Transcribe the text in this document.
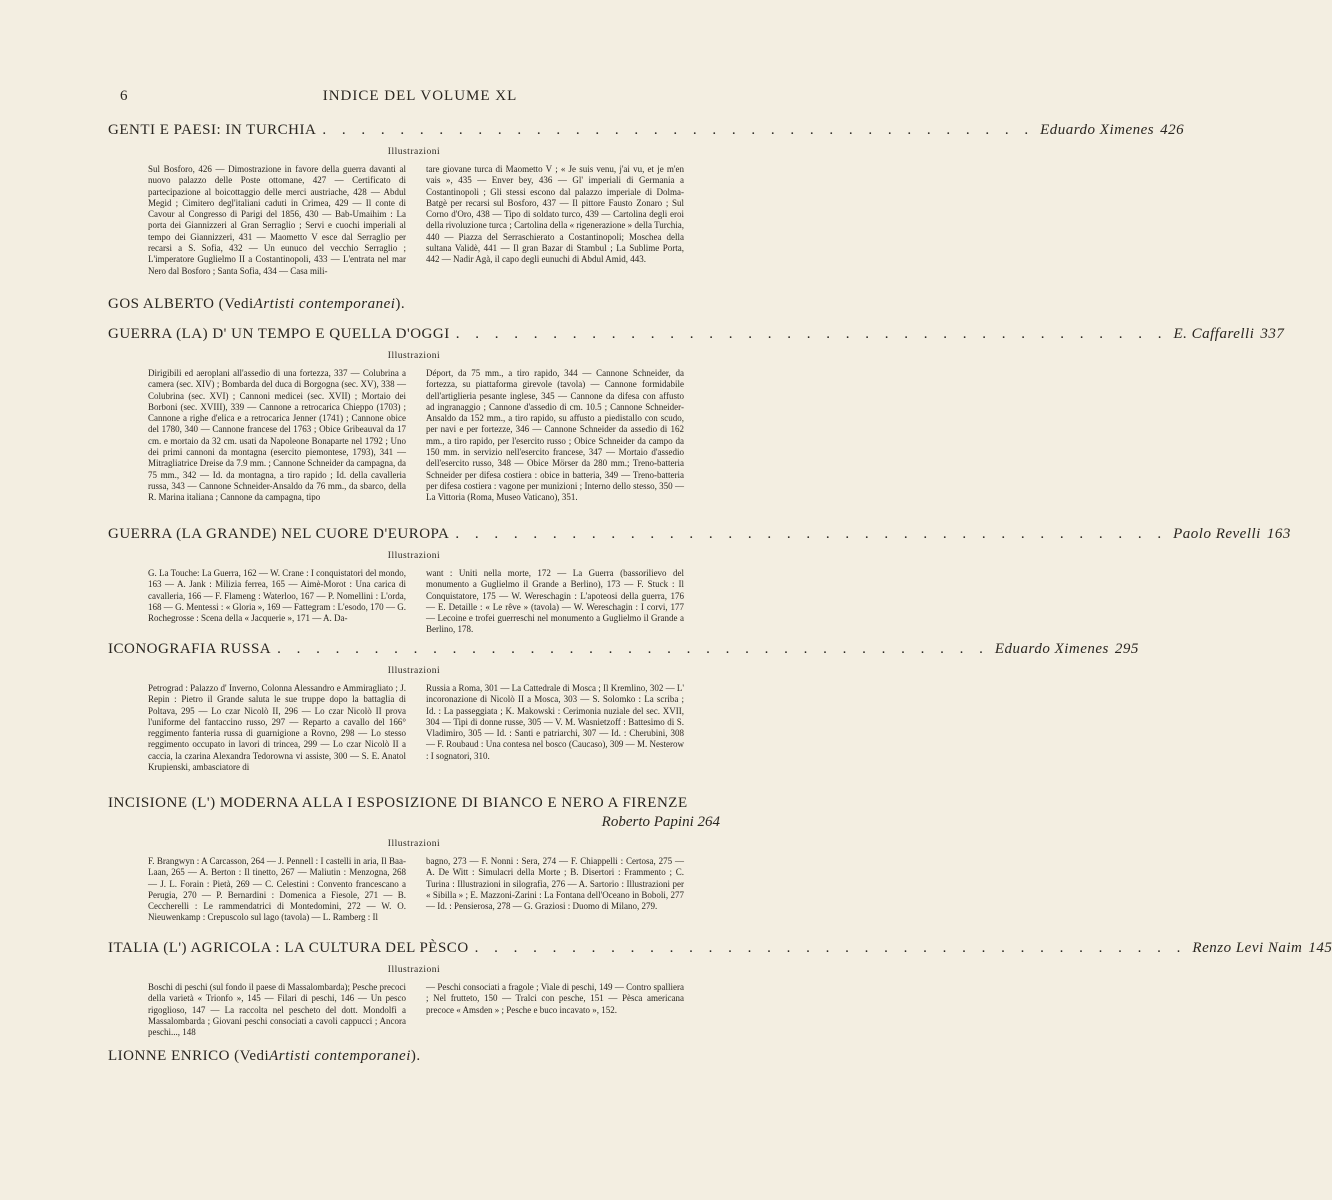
INDICE DEL VOLUME XL
6
GENTI E PAESI: IN TURCHIA . . . . . . . . . . . . . . . . . . . . . . . . . . . . . . . . . . . . . Eduardo Ximenes 426
Illustrazioni
Sul Bosforo, 426 — Dimostrazione in favore della guerra davanti al nuovo palazzo delle Poste ottomane, 427 — Certificato di partecipazione al boicottaggio delle merci austriache, 428 — Abdul Megid ; Cimitero degl'italiani caduti in Crimea, 429 — Il conte di Cavour al Congresso di Parigi del 1856, 430 — Bab-Umaihim : La porta dei Giannizzeri al Gran Serraglio ; Servi e cuochi imperiali al tempo dei Giannizzeri, 431 — Maometto V esce dal Serraglio per recarsi a S. Sofia, 432 — Un eunuco del vecchio Serraglio ; L'imperatore Guglielmo II a Costantinopoli, 433 — L'entrata nel mar Nero dal Bosforo ; Santa Sofia, 434 — Casa mili-
tare giovane turca di Maometto V ; « Je suis venu, j'ai vu, et je m'en vais », 435 — Enver bey, 436 — Gl' imperiali di Germania a Costantinopoli ; Gli stessi escono dal palazzo imperiale di Dolma-Batgè per recarsi sul Bosforo, 437 — Il pittore Fausto Zonaro ; Sul Corno d'Oro, 438 — Tipo di soldato turco, 439 — Cartolina degli eroi della rivoluzione turca ; Cartolina della « rigenerazione » della Turchia, 440 — Piazza del Serraschierato a Costantinopoli; Moschea della sultana Validè, 441 — Il gran Bazar di Stambul ; La Sublime Porta, 442 — Nadir Agà, il capo degli eunuchi di Abdul Amid, 443.
GOS ALBERTO (Vedi Artisti contemporanei ).
GUERRA (LA) D' UN TEMPO E QUELLA D'OGGI . . . . . . . . . . . . . . . . . . . . . . . . . . . . . . . . . . . . . E. Caffarelli 337
Illustrazioni
Dirigibili ed aeroplani all'assedio di una fortezza, 337 — Colubrina a camera (sec. XIV) ; Bombarda del duca di Borgogna (sec. XV), 338 — Colubrina (sec. XVI) ; Cannoni medicei (sec. XVII) ; Mortaio dei Borboni (sec. XVIII), 339 — Cannone a retrocarica Chieppo (1703) ; Cannone a righe d'elica e a retrocarica Jenner (1741) ; Cannone obice del 1780, 340 — Cannone francese del 1763 ; Obice Gribeauval da 17 cm. e mortaio da 32 cm. usati da Napoleone Bonaparte nel 1792 ; Uno dei primi cannoni da montagna (esercito piemontese, 1793), 341 — Mitragliatrice Dreise da 7.9 mm. ; Cannone Schneider da campagna, da 75 mm., 342 — Id. da montagna, a tiro rapido ; Id. della cavalleria russa, 343 — Cannone Schneider-Ansaldo da 76 mm., da sbarco, della R. Marina italiana ; Cannone da campagna, tipo
Déport, da 75 mm., a tiro rapido, 344 — Cannone Schneider, da fortezza, su piattaforma girevole (tavola) — Cannone formidabile dell'artiglieria pesante inglese, 345 — Cannone da difesa con affusto ad ingranaggio ; Cannone d'assedio di cm. 10.5 ; Cannone Schneider-Ansaldo da 152 mm., a tiro rapido, su affusto a piedistallo con scudo, per navi e per fortezze, 346 — Cannone Schneider da assedio di 162 mm., a tiro rapido, per l'esercito russo ; Obice Schneider da campo da 150 mm. in servizio nell'esercito francese, 347 — Mortaio d'assedio dell'esercito russo, 348 — Obice Mörser da 280 mm.; Treno-batteria Schneider per difesa costiera : obice in batteria, 349 — Treno-batteria per difesa costiera : vagone per munizioni ; Interno dello stesso, 350 — La Vittoria (Roma, Museo Vaticano), 351.
GUERRA (LA GRANDE) NEL CUORE D'EUROPA . . . . . . . . . . . . . . . . . . . . . . . . . . . . . . . . . . . . . Paolo Revelli 163
Illustrazioni
G. La Touche: La Guerra, 162 — W. Crane : I conquistatori del mondo, 163 — A. Jank : Milizia ferrea, 165 — Aimè-Morot : Una carica di cavalleria, 166 — F. Flameng : Waterloo, 167 — P. Nomellini : L'orda, 168 — G. Mentessi : « Gloria », 169 — Fattegram : L'esodo, 170 — G. Rochegrosse : Scena della « Jacquerie », 171 — A. Da-
want : Uniti nella morte, 172 — La Guerra (bassorilievo del monumento a Guglielmo il Grande a Berlino), 173 — F. Stuck : Il Conquistatore, 175 — W. Wereschagin : L'apoteosi della guerra, 176 — E. Detaille : « Le rêve » (tavola) — W. Wereschagin : I corvi, 177 — Lecoine e trofei guerreschi nel monumento a Guglielmo il Grande a Berlino, 178.
ICONOGRAFIA RUSSA . . . . . . . . . . . . . . . . . . . . . . . . . . . . . . . . . . . . . Eduardo Ximenes 295
Illustrazioni
Petrograd : Palazzo d' Inverno, Colonna Alessandro e Ammiragliato ; J. Repin : Pietro il Grande saluta le sue truppe dopo la battaglia di Poltava, 295 — Lo czar Nicolò II, 296 — Lo czar Nicolò II prova l'uniforme del fantaccino russo, 297 — Reparto a cavallo del 166° reggimento fanteria russa di guarnigione a Rovno, 298 — Lo stesso reggimento occupato in lavori di trincea, 299 — Lo czar Nicolò II a caccia, la czarina Alexandra Tedorowna vi assiste, 300 — S. E. Anatol Krupienski, ambasciatore di
Russia a Roma, 301 — La Cattedrale di Mosca ; Il Kremlino, 302 — L' incoronazione di Nicolò II a Mosca, 303 — S. Solomko : La scriba ; Id. : La passeggiata ; K. Makowski : Cerimonia nuziale del sec. XVII, 304 — Tipi di donne russe, 305 — V. M. Wasnietzoff : Battesimo di S. Vladimiro, 305 — Id. : Santi e patriarchi, 307 — Id. : Cherubini, 308 — F. Roubaud : Una contesa nel bosco (Caucaso), 309 — M. Nesterow : I sognatori, 310.
INCISIONE (L') MODERNA ALLA I ESPOSIZIONE DI BIANCO E NERO A FIRENZE
Roberto Papini 264
Illustrazioni
F. Brangwyn : A Carcasson, 264 — J. Pennell : I castelli in aria, Il Baa-Laan, 265 — A. Berton : Il tinetto, 267 — Maliutin : Menzogna, 268 — J. L. Forain : Pietà, 269 — C. Celestini : Convento francescano a Perugia, 270 — P. Bernardini : Domenica a Fiesole, 271 — B. Ceccherelli : Le rammendatrici di Montedomini, 272 — W. O. Nieuwenkamp : Crepuscolo sul lago (tavola) — L. Ramberg : Il
bagno, 273 — F. Nonni : Sera, 274 — F. Chiappelli : Certosa, 275 — A. De Witt : Simulacri della Morte ; B. Disertori : Frammento ; C. Turina : Illustrazioni in silografia, 276 — A. Sartorio : Illustrazioni per « Sibilla » ; E. Mazzoni-Zarini : La Fontana dell'Oceano in Boboli, 277 — Id. : Pensierosa, 278 — G. Graziosi : Duomo di Milano, 279.
ITALIA (L') AGRICOLA : LA CULTURA DEL PÈSCO . . . . . . . . . . . . . . . . . . . . . . . . . . . . . . . . . . . . . Renzo Levi Naim 145
Illustrazioni
Boschi di peschi (sul fondo il paese di Massalombarda); Pesche precoci della varietà « Trionfo », 145 — Filari di peschi, 146 — Un pesco rigoglioso, 147 — La raccolta nel pescheto del dott. Mondolfi a Massalombarda ; Giovani peschi consociati a cavoli cappucci ; Ancora peschi..., 148
— Peschi consociati a fragole ; Viale di peschi, 149 — Contro spalliera ; Nel frutteto, 150 — Tralci con pesche, 151 — Pèsca americana precoce « Amsden » ; Pesche e buco incavato », 152.
LIONNE ENRICO (Vedi Artisti contemporanei ).
